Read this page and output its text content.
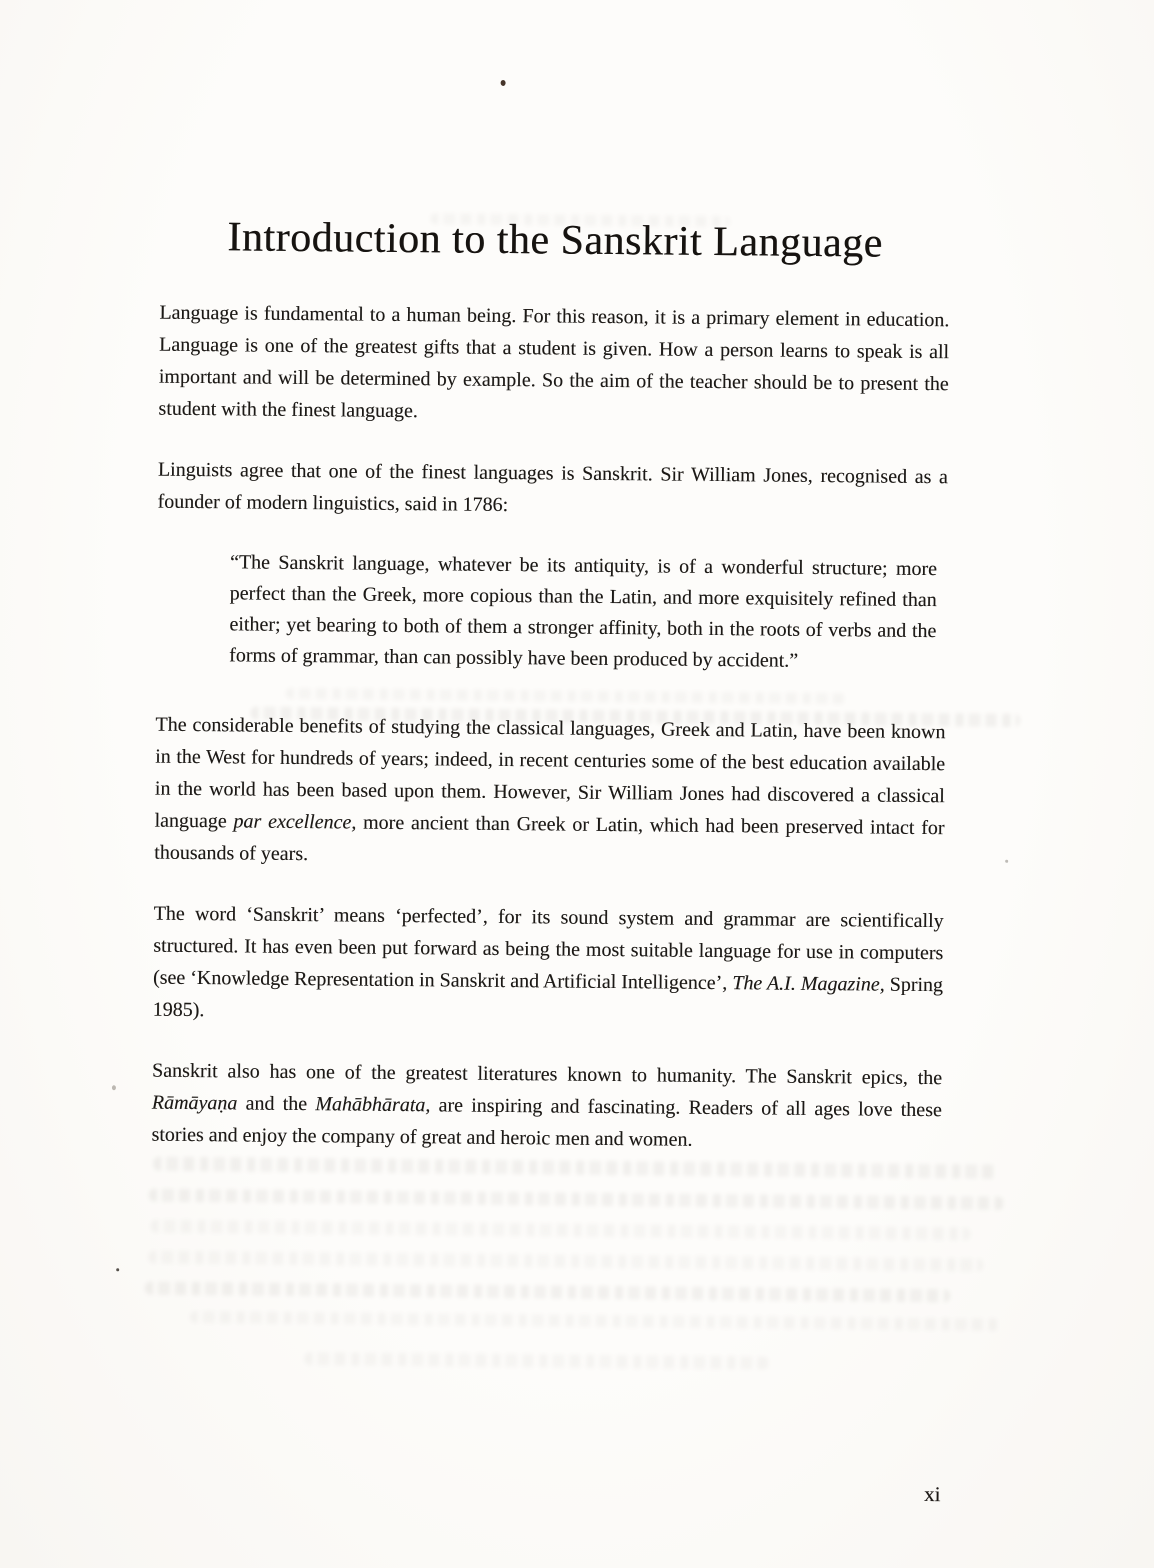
Introduction to the Sanskrit Language

Language is fundamental to a human being. For this reason, it is a primary element in education. Language is one of the greatest gifts that a student is given. How a person learns to speak is all important and will be determined by example. So the aim of the teacher should be to present the student with the finest language.

Linguists agree that one of the finest languages is Sanskrit. Sir William Jones, recognised as a founder of modern linguistics, said in 1786:

“The Sanskrit language, whatever be its antiquity, is of a wonderful structure; more perfect than the Greek, more copious than the Latin, and more exquisitely refined than either; yet bearing to both of them a stronger affinity, both in the roots of verbs and the forms of grammar, than can possibly have been produced by accident.”

The considerable benefits of studying the classical languages, Greek and Latin, have been known in the West for hundreds of years; indeed, in recent centuries some of the best education available in the world has been based upon them. However, Sir William Jones had discovered a classical language par excellence, more ancient than Greek or Latin, which had been preserved intact for thousands of years.

The word ‘Sanskrit’ means ‘perfected’, for its sound system and grammar are scientifically structured. It has even been put forward as being the most suitable language for use in computers (see ‘Knowledge Representation in Sanskrit and Artificial Intelligence’, The A.I. Magazine, Spring 1985).

Sanskrit also has one of the greatest literatures known to humanity. The Sanskrit epics, the Rāmāyaṇa and the Mahābhārata, are inspiring and fascinating. Readers of all ages love these stories and enjoy the company of great and heroic men and women.

xi
